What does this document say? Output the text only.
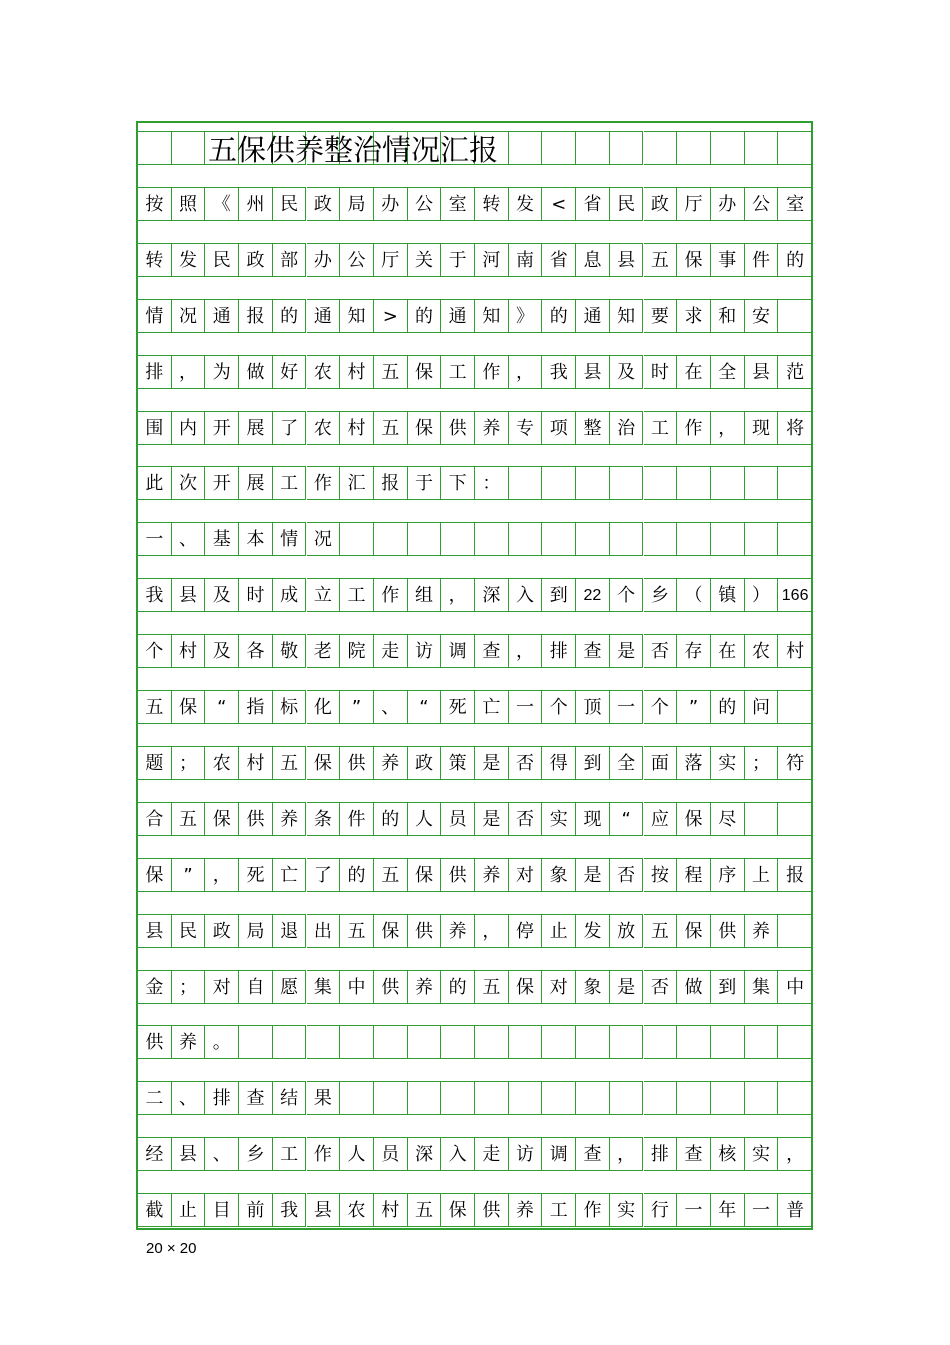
按 照 《 州 民 政 局 办 公 室 转 发 < 省 民 政 厅 办 公 室
转 发 民 政 部 办 公 厅 关 于 河 南 省 息 县 五 保 事 件 的
情 况 通 报 的 通 知 > 的 通 知 》 的 通 知 要 求 和 安
排 ， 为 做 好 农 村 五 保 工 作 ， 我 县 及 时 在 全 县 范
围 内 开 展 了 农 村 五 保 供 养 专 项 整 治 工 作 ， 现 将
此 次 开 展 工 作 汇 报 于 下 ：
一 、 基 本 情 况
我 县 及 时 成 立 工 作 组 ， 深 入 到 22 个 乡 （ 镇 ） 166
个 村 及 各 敬 老 院 走 访 调 查 ， 排 查 是 否 存 在 农 村
五 保	“	指 标 化	”	、	“	死 亡 一 个 顶 一 个	”	的 问
题 ； 农 村 五 保 供 养 政 策 是 否 得 到 全 面 落 实 ； 符
合 五 保 供 养 条 件 的 人 员 是 否 实 现	“	应 保 尽
保	”	， 死 亡 了 的 五 保 供 养 对 象 是 否 按 程 序 上 报
县 民 政 局 退 出 五 保 供 养 ， 停 止 发 放 五 保 供 养
金 ； 对 自 愿 集 中 供 养 的 五 保 对 象 是 否 做 到 集 中
供 养 。
二 、 排 查 结 果
经 县 、 乡 工 作 人 员 深 入 走 访 调 查 ， 排 查 核 实 ，
截 止 目 前 我 县 农 村 五 保 供 养 工 作 实 行 一 年 一 普
五保供养整治情况汇报
20 × 20
